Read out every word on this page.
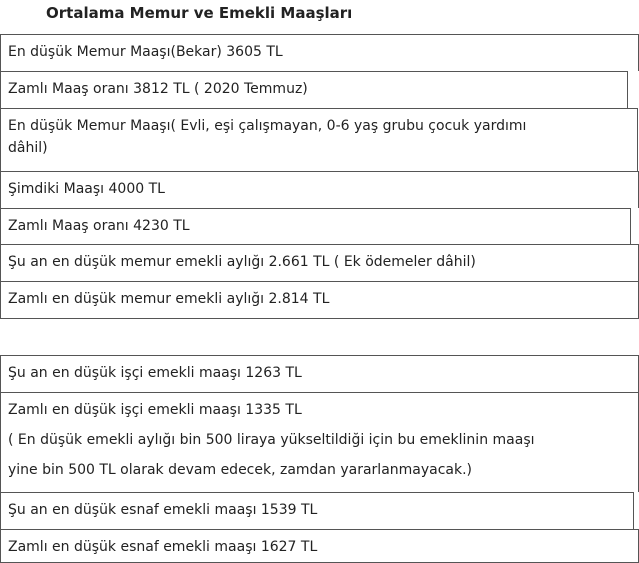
Ortalama Memur ve Emekli Maaşları
En düşük Memur Maaşı(Bekar) 3605 TL
Zamlı Maaş oranı 3812 TL ( 2020 Temmuz)
En düşük Memur Maaşı( Evli, eşi çalışmayan, 0-6 yaş grubu çocuk yardımı
dâhil)
Şimdiki Maaşı 4000 TL
Zamlı Maaş oranı 4230 TL
Şu an en düşük memur emekli aylığı 2.661 TL ( Ek ödemeler dâhil)
Zamlı en düşük memur emekli aylığı 2.814 TL
Şu an en düşük işçi emekli maaşı 1263 TL
Zamlı en düşük işçi emekli maaşı 1335 TL
( En düşük emekli aylığı bin 500 liraya yükseltildiği için bu emeklinin maaşı
yine bin 500 TL olarak devam edecek, zamdan yararlanmayacak.)
Şu an en düşük esnaf emekli maaşı 1539 TL
Zamlı en düşük esnaf emekli maaşı 1627 TL
